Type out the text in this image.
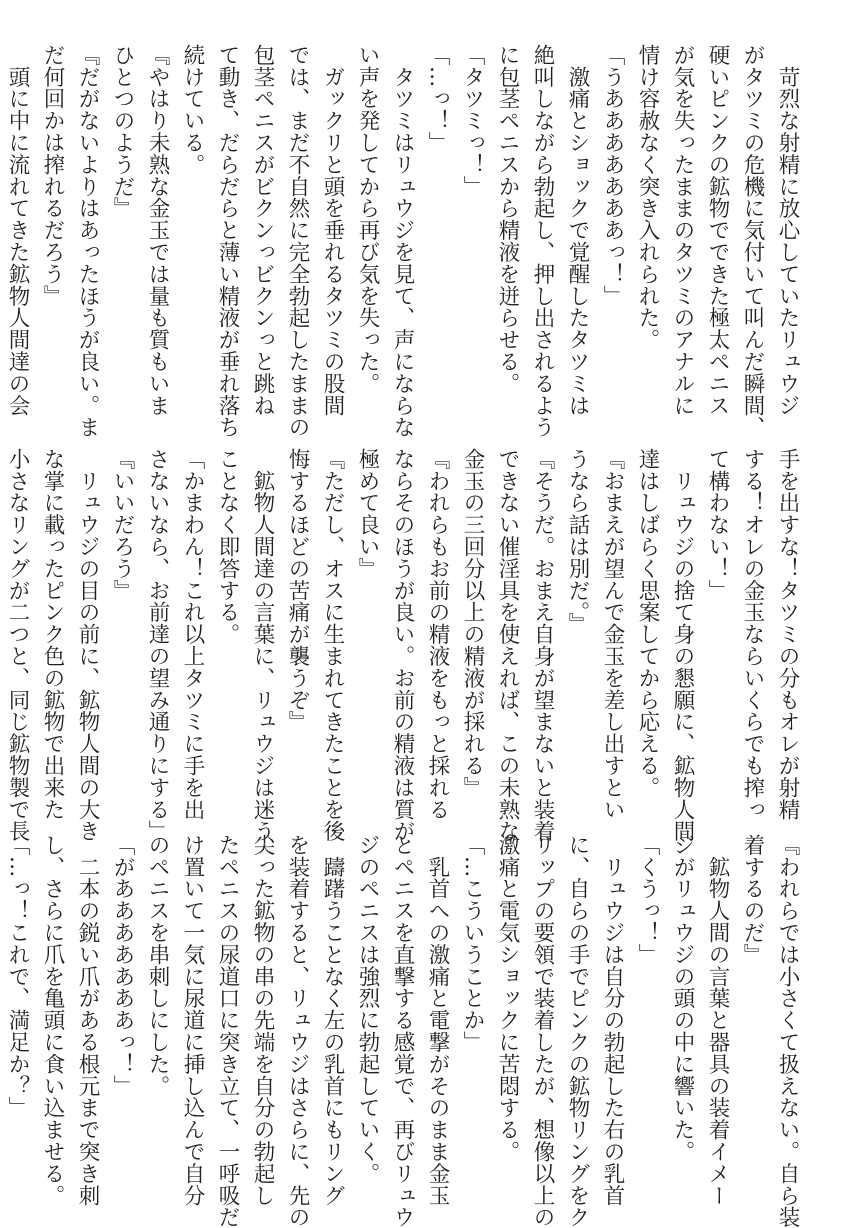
　苛烈な射精に放心していたリュウジ
がタツミの危機に気付いて叫んだ瞬間、
硬いピンクの鉱物でできた極太ペニス
が気を失ったままのタツミのアナルに
情け容赦なく突き入れられた。
「うあああああああっ！」
　激痛とショックで覚醒したタツミは
絶叫しながら勃起し、押し出されるよう
に包茎ペニスから精液を迸らせる。
「タツミっ！」
「…っ！」
　タツミはリュウジを見て、声にならな
い声を発してから再び気を失った。
　ガックリと頭を垂れるタツミの股間
では、まだ不自然に完全勃起したままの
包茎ペニスがビクンっビクンっと跳ね
て動き、だらだらと薄い精液が垂れ落ち
続けている。
『やはり未熟な金玉では量も質もいま
ひとつのようだ』
『だがないよりはあったほうが良い。ま
だ何回かは搾れるだろう』
　頭に中に流れてきた鉱物人間達の会
手を出すな！タツミの分もオレが射精
する！オレの金玉ならいくらでも搾っ
て構わない！」
　リュウジの捨て身の懇願に、鉱物人間
達はしばらく思案してから応える。
『おまえが望んで金玉を差し出すとい
うなら話は別だ。』
『そうだ。おまえ自身が望まないと装着
できない催淫具を使えれば、この未熟な
金玉の三回分以上の精液が採れる』
『われらもお前の精液をもっと採れる
ならそのほうが良い。お前の精液は質が
極めて良い』
『ただし、オスに生まれてきたことを後
悔するほどの苦痛が襲うぞ』
　鉱物人間達の言葉に、リュウジは迷う
ことなく即答する。
「かまわん！これ以上タツミに手を出
さないなら、お前達の望み通りにする」
『いいだろう』
　リュウジの目の前に、鉱物人間の大き
な掌に載ったピンク色の鉱物で出来た
小さなリングが二つと、同じ鉱物製で長
『われらでは小さくて扱えない。自ら装
着するのだ』
　鉱物人間の言葉と器具の装着イメー
ジがリュウジの頭の中に響いた。
「くうっ！」
　リュウジは自分の勃起した右の乳首
に、自らの手でピンクの鉱物リングをク
リップの要領で装着したが、想像以上の
激痛と電気ショックに苦悶する。
「…こういうことか」
　乳首への激痛と電撃がそのまま金玉
とペニスを直撃する感覚で、再びリュウ
ジのペニスは強烈に勃起していく。
　躊躇うことなく左の乳首にもリング
を装着すると、リュウジはさらに、先の
尖った鉱物の串の先端を自分の勃起し
たペニスの尿道口に突き立て、一呼吸だ
け置いて一気に尿道に挿し込んで自分
のペニスを串刺しにした。
「があああああああっ！」
　二本の鋭い爪がある根元まで突き刺
し、さらに爪を亀頭に食い込ませる。
「…っ！これで、満足か？」
